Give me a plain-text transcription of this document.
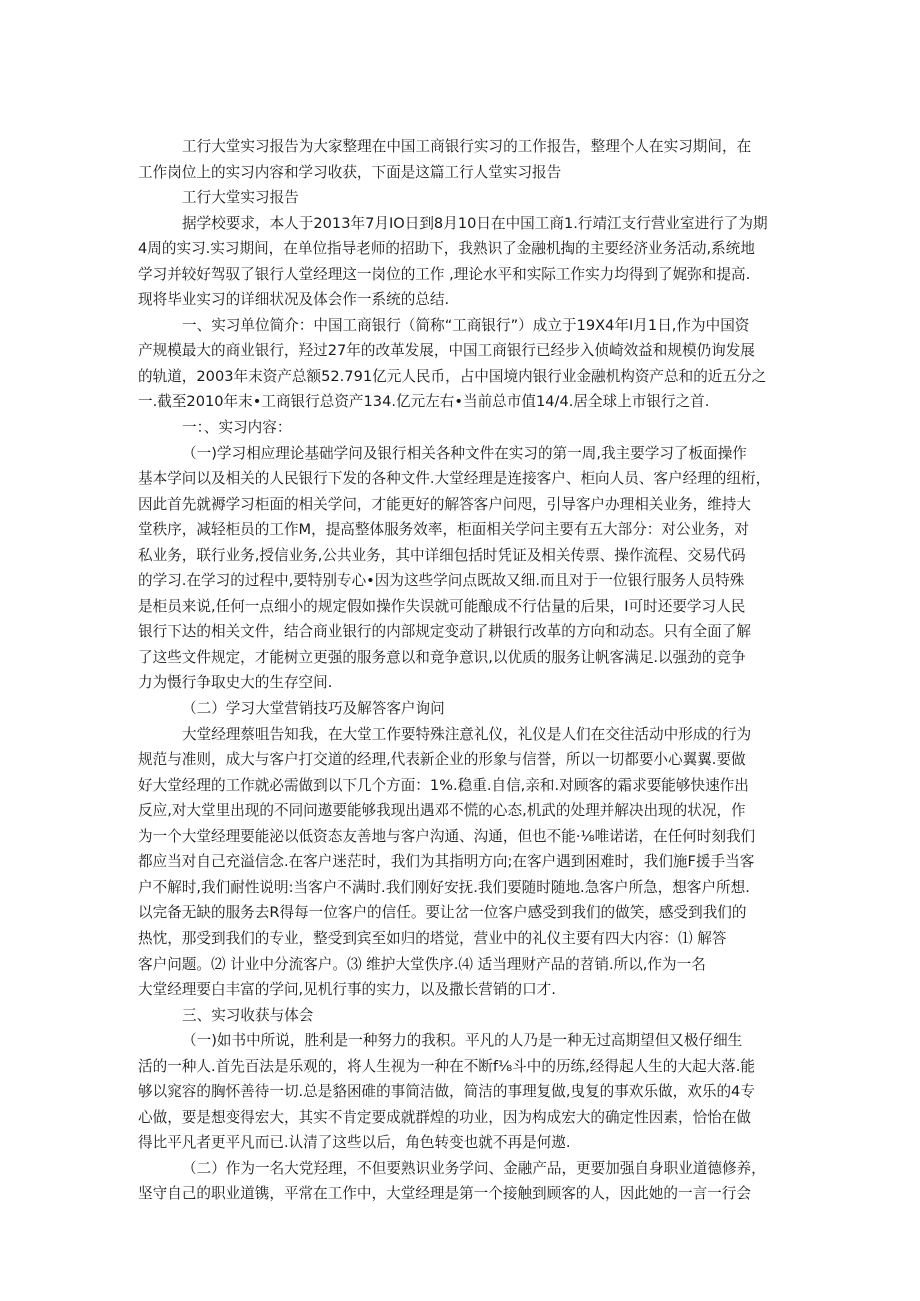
工行大堂实习报告为大家整理在中国工商银行实习的工作报告，整理个人在实习期间，在
工作岗位上的实习内容和学习收获，下面是这篇工行人堂实习报告
工行大堂实习报告
据学校要求，本人于2013年7月IO日到8月10日在中国工商1.行靖江支行营业室进行了为期
4周的实习.实习期间，在单位指导老师的招助下，我熟识了金融机掏的主要经济业务活动,系统地
学习并较好驾驭了银行人堂经理这一岗位的工作 ,理论水平和实际工作实力均得到了娓弥和提高.
现将毕业实习的详细状况及体会作一系统的总结.
一、实习单位简介：中国工商银行（简称“工商银行”）成立于19X4年I月1日,作为中国资
产规模最大的商业银行，羟过27年的改革发展，中国工商银行已经步入侦崎效益和规模仍询发展
的轨道，2003年末资产总额52.791亿元人民币，占中国境内银行业金融机构资产总和的近五分之
一.截至2010年末•工商银行总资产134.亿元左右•当前总市值14/4.居全球上市银行之首.
一：、实习内容：
（一)学习相应理论基础学问及银行相关各种文件在实习的第一周,我主要学习了板面操作
基本学问以及相关的人民银行下发的各种文件.大堂经理是连接客户、柜向人员、客户经理的纽桁，
因此首先就褥学习柜面的相关学问，才能更好的解答客户问咫，引导客户办理相关业务，维持大
堂秩序，减轻柜员的工作M，提高整体服务效率，柜面相关学问主要有五大部分：对公业务，对
私业务，联行业务,授信业务,公共业务，其中详细包括时凭证及相关传票、操作流程、交易代码
的学习.在学习的过程中,要特别专心•因为这些学问点既故又细.而且对于一位银行服务人员特殊
是柜员来说,任何一点细小的规定假如操作失误就可能酿成不行估量的后果，I可时还要学习人民
银行下达的相关文件，结合商业银行的内部规定变动了耕银行改革的方向和动态。只有全面了解
了这些文件规定，才能树立更强的服务意以和竟争意识,以优质的服务让帆客满足.以强劲的竞争
力为慑行争取史大的生存空间.
（二）学习大堂营销技巧及解答客户询问
大堂经理蔡咀告知我，在大堂工作要特殊注意礼仪，礼仪是人们在交往活动中形成的行为
规范与准则，成大与客户打交道的经理,代表新企业的形象与信誉，所以一切都要小心翼翼.要做
好大堂经理的工作就必需做到以下几个方面：1%.稳重.自信,亲和.对顾客的霜求要能够快速作出
反应,对大堂里出现的不同问遨要能够我现出遇邓不慌的心态,机武的处理并解决出现的状况，作
为一个大堂经理要能泌以低资态友善地与客户沟通、沟通，但也不能·⅛唯诺诺，在任何时刻我们
都应当对自己充溢信念.在客户迷茫时，我们为其指明方向;在客户遇到困难时，我们施F援手当客
户不解时,我们耐性说明:当客户不满时.我们刚好安抚.我们要随时随地.急客户所急，想客户所想.
以完备无缺的服务去R得每一位客户的信任。要让岔一位客户感受到我们的做笑，感受到我们的
热忱，那受到我们的专业，整受到宾至如归的塔觉，营业中的礼仪主要有四大内容：⑴ 解答
客户问题。⑵ 计业中分流客户。⑶ 维护大堂佚序.⑷ 适当理财产品的苕销.所以,作为一名
大堂经理要白丰富的学问,见机行事的实力，以及撒长营销的口才.
三、实习收获与体会
（一)如书中所说，胜利是一种努力的我积。平凡的人乃是一种无过高期望但又极仔细生
活的一种人.首先百法是乐观的，将人生视为一种在不断f⅛斗中的历练,经得起人生的大起大落.能
够以窕容的胸怀善待一切.总是貉困碓的事简洁做，简洁的事理复做,曳复的事欢乐做，欢乐的4专
心做，要是想变得宏大，其实不肯定要成就群煌的功业，因为构成宏大的确定性因素，恰怡在做
得比平凡者更平凡而已.认清了这些以后，角色转变也就不再是何遨.
（二）作为一名大党羟理，不但要熟识业务学问、金融产品，更要加强自身职业道德修养，
坚守自己的职业道镌，平常在工作中，大堂经理是第一个接触到顾客的人，因此她的一言一行会
